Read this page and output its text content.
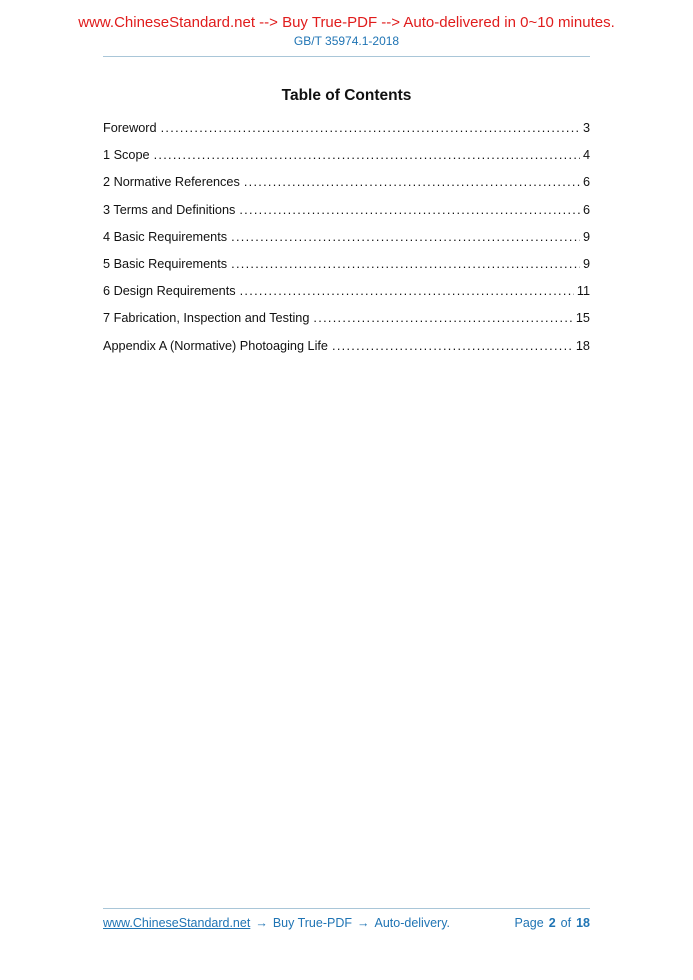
www.ChineseStandard.net --> Buy True-PDF --> Auto-delivered in 0~10 minutes.
GB/T 35974.1-2018
Table of Contents
Foreword .....	3
1 Scope .....	4
2 Normative References .....	6
3 Terms and Definitions .....	6
4 Basic Requirements .....	9
5 Basic Requirements .....	9
6 Design Requirements .....	11
7 Fabrication, Inspection and Testing .....	15
Appendix A (Normative) Photoaging Life .....	18
www.ChineseStandard.net → Buy True-PDF → Auto-delivery.	Page 2 of 18
